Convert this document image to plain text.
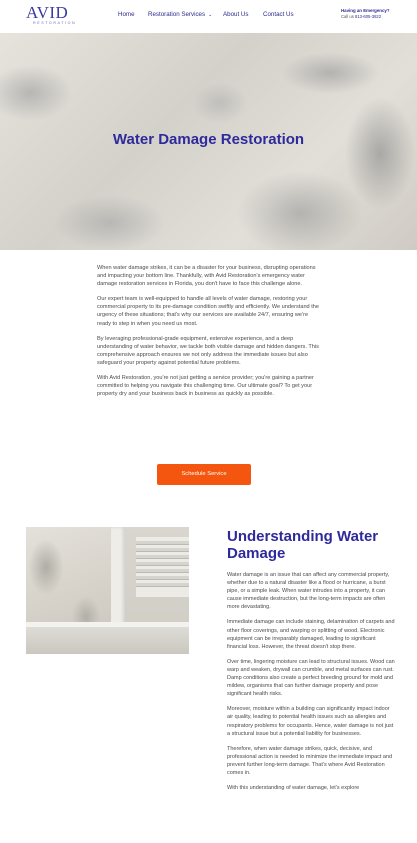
AVID
RESTORATION
Home Restoration Services ⌄ About Us Contact Us
Having an Emergency?
Call us 813-605-3822
Water Damage Restoration

When water damage strikes, it can be a disaster for your business, disrupting operations and impacting your bottom line. Thankfully, with Avid Restoration's emergency water damage restoration services in Florida, you don't have to face this challenge alone.

Our expert team is well-equipped to handle all levels of water damage, restoring your commercial property to its pre-damage condition swiftly and efficiently. We understand the urgency of these situations; that's why our services are available 24/7, ensuring we're ready to step in when you need us most.

By leveraging professional-grade equipment, extensive experience, and a deep understanding of water behavior, we tackle both visible damage and hidden dangers. This comprehensive approach ensures we not only address the immediate issues but also safeguard your property against potential future problems.

With Avid Restoration, you're not just getting a service provider; you're gaining a partner committed to helping you navigate this challenging time. Our ultimate goal? To get your property dry and your business back in business as quickly as possible.

Schedule Service
Understanding Water Damage

Water damage is an issue that can affect any commercial property, whether due to a natural disaster like a flood or hurricane, a burst pipe, or a simple leak. When water intrudes into a property, it can cause immediate destruction, but the long-term impacts are often more devastating.

Immediate damage can include staining, delamination of carpets and other floor coverings, and warping or splitting of wood. Electronic equipment can be irreparably damaged, leading to significant financial loss. However, the threat doesn't stop there.

Over time, lingering moisture can lead to structural issues. Wood can warp and weaken, drywall can crumble, and metal surfaces can rust. Damp conditions also create a perfect breeding ground for mold and mildew, organisms that can further damage property and pose significant health risks.

Moreover, moisture within a building can significantly impact indoor air quality, leading to potential health issues such as allergies and respiratory problems for occupants. Hence, water damage is not just a structural issue but a potential liability for businesses.

Therefore, when water damage strikes, quick, decisive, and professional action is needed to minimize the immediate impact and prevent further long-term damage. That's where Avid Restoration comes in.

With this understanding of water damage, let's explore
